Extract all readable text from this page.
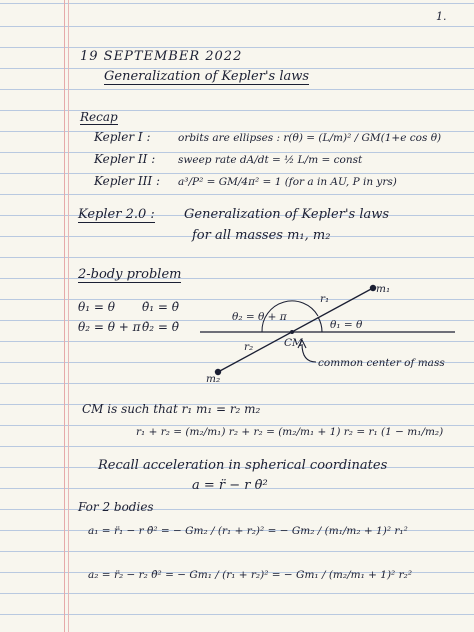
1.
19 SEPTEMBER 2022
Generalization of Kepler's laws
Recap
Kepler I :	orbits are ellipses : r(θ) = (L/m)² / GM(1+e cos θ)
Kepler II : sweep rate dA/dt = ½ L/m = const
Kepler III : a³/P² = GM/4π² = 1 (for a in AU, P in yrs)
Kepler 2.0 : Generalization of Kepler's laws
for all masses m₁, m₂
2-body problem
θ₁ = θ
θ₂ = θ + π
θ̇₁ = θ̇
θ̇₂ = θ̇
m₁
m₂
r₁
r₂	CM
θ₂ = θ + π
θ₁ = θ
common center of mass
CM is such that r₁ m₁ = r₂ m₂
r₁ + r₂ = (m₂/m₁) r₂ + r₂ = (m₂/m₁ + 1) r₂ = r₁ (1 − m₁/m₂)
Recall acceleration in spherical coordinates
a = r̈ − r θ̇²
For 2 bodies
a₁ = r̈₁ − r θ̇² = − Gm₂ / (r₁ + r₂)² = − Gm₂ / (m₁/m₂ + 1)² r₁²
a₂ = r̈₂ − r₂ θ̇² = − Gm₁ / (r₁ + r₂)² = − Gm₁ / (m₂/m₁ + 1)² r₂²
